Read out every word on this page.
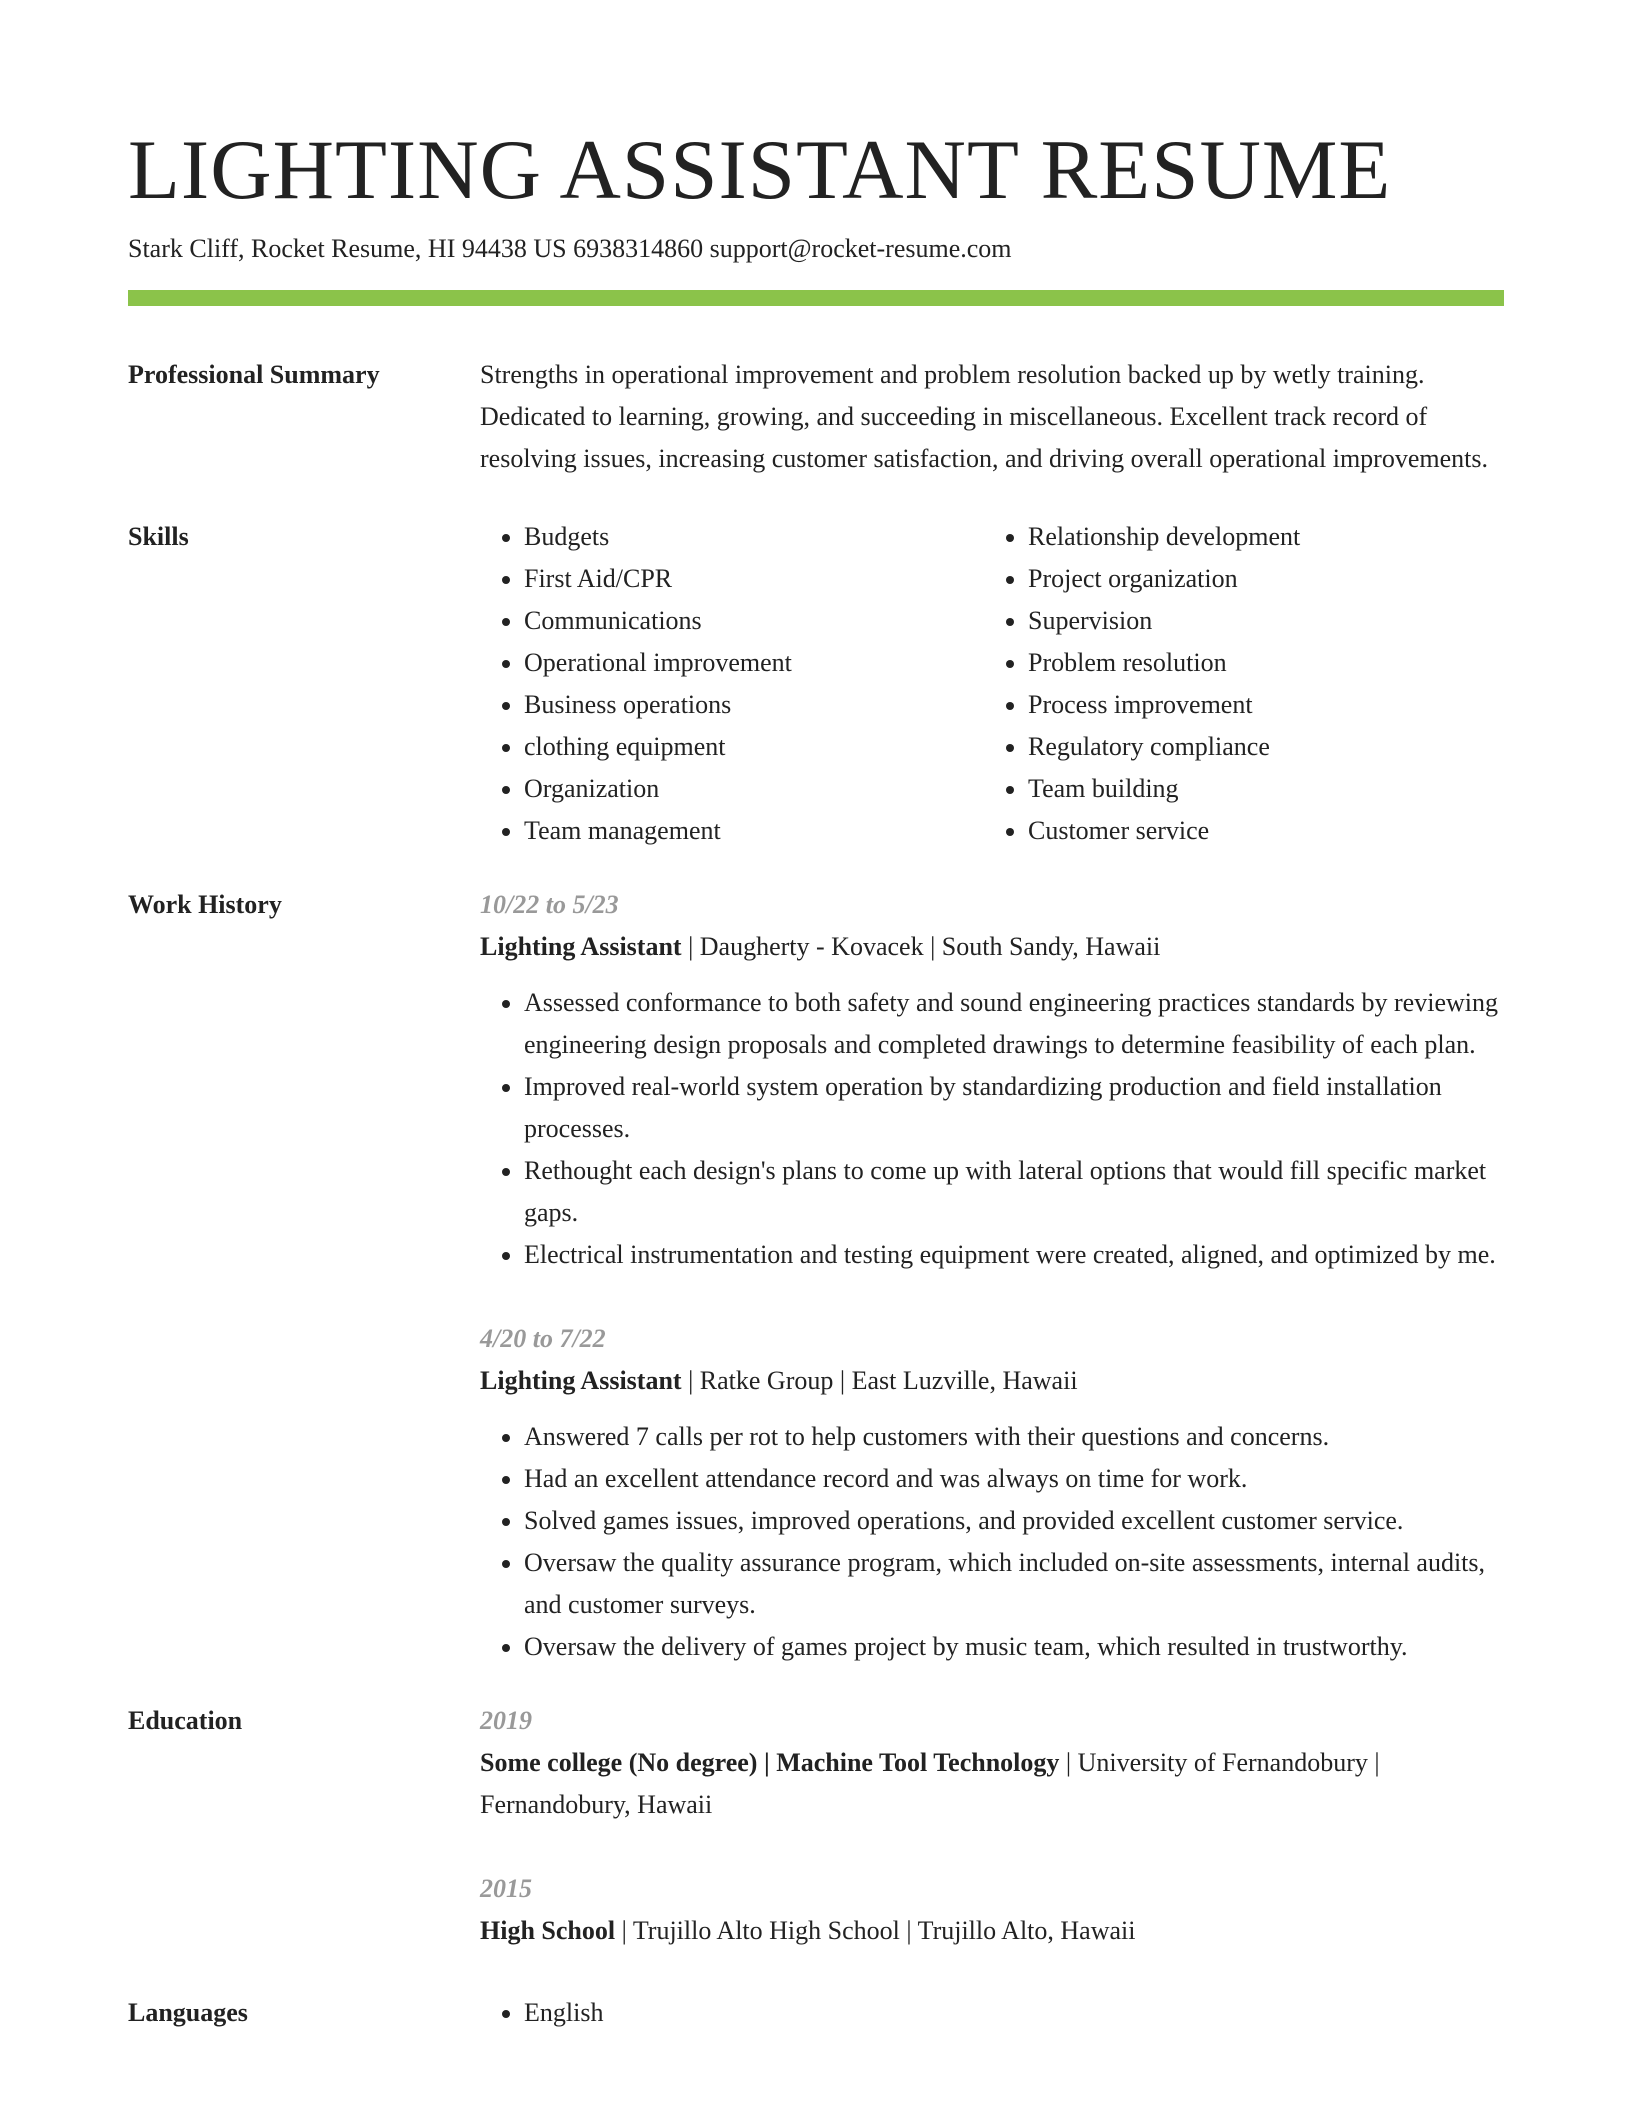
LIGHTING ASSISTANT RESUME
Stark Cliff, Rocket Resume, HI 94438 US 6938314860 support@rocket-resume.com
Professional Summary	Strengths in operational improvement and problem resolution backed up by wetly training. Dedicated to learning, growing, and succeeding in miscellaneous. Excellent track record of resolving issues, increasing customer satisfaction, and driving overall operational improvements.
Skills	• Budgets
• First Aid/CPR
• Communications
• Operational improvement
• Business operations
• clothing equipment
• Organization
• Team management
• Relationship development
• Project organization
• Supervision
• Problem resolution
• Process improvement
• Regulatory compliance
• Team building
• Customer service
Work History	10/22 to 5/23
Lighting Assistant | Daugherty - Kovacek | South Sandy, Hawaii
• Assessed conformance to both safety and sound engineering practices standards by reviewing engineering design proposals and completed drawings to determine feasibility of each plan.
• Improved real-world system operation by standardizing production and field installation processes.
• Rethought each design's plans to come up with lateral options that would fill specific market gaps.
• Electrical instrumentation and testing equipment were created, aligned, and optimized by me.
4/20 to 7/22
Lighting Assistant | Ratke Group | East Luzville, Hawaii
• Answered 7 calls per rot to help customers with their questions and concerns.
• Had an excellent attendance record and was always on time for work.
• Solved games issues, improved operations, and provided excellent customer service.
• Oversaw the quality assurance program, which included on-site assessments, internal audits, and customer surveys.
• Oversaw the delivery of games project by music team, which resulted in trustworthy.
Education	2019
Some college (No degree) | Machine Tool Technology | University of Fernandobury | Fernandobury, Hawaii
2015
High School | Trujillo Alto High School | Trujillo Alto, Hawaii
Languages	• English
